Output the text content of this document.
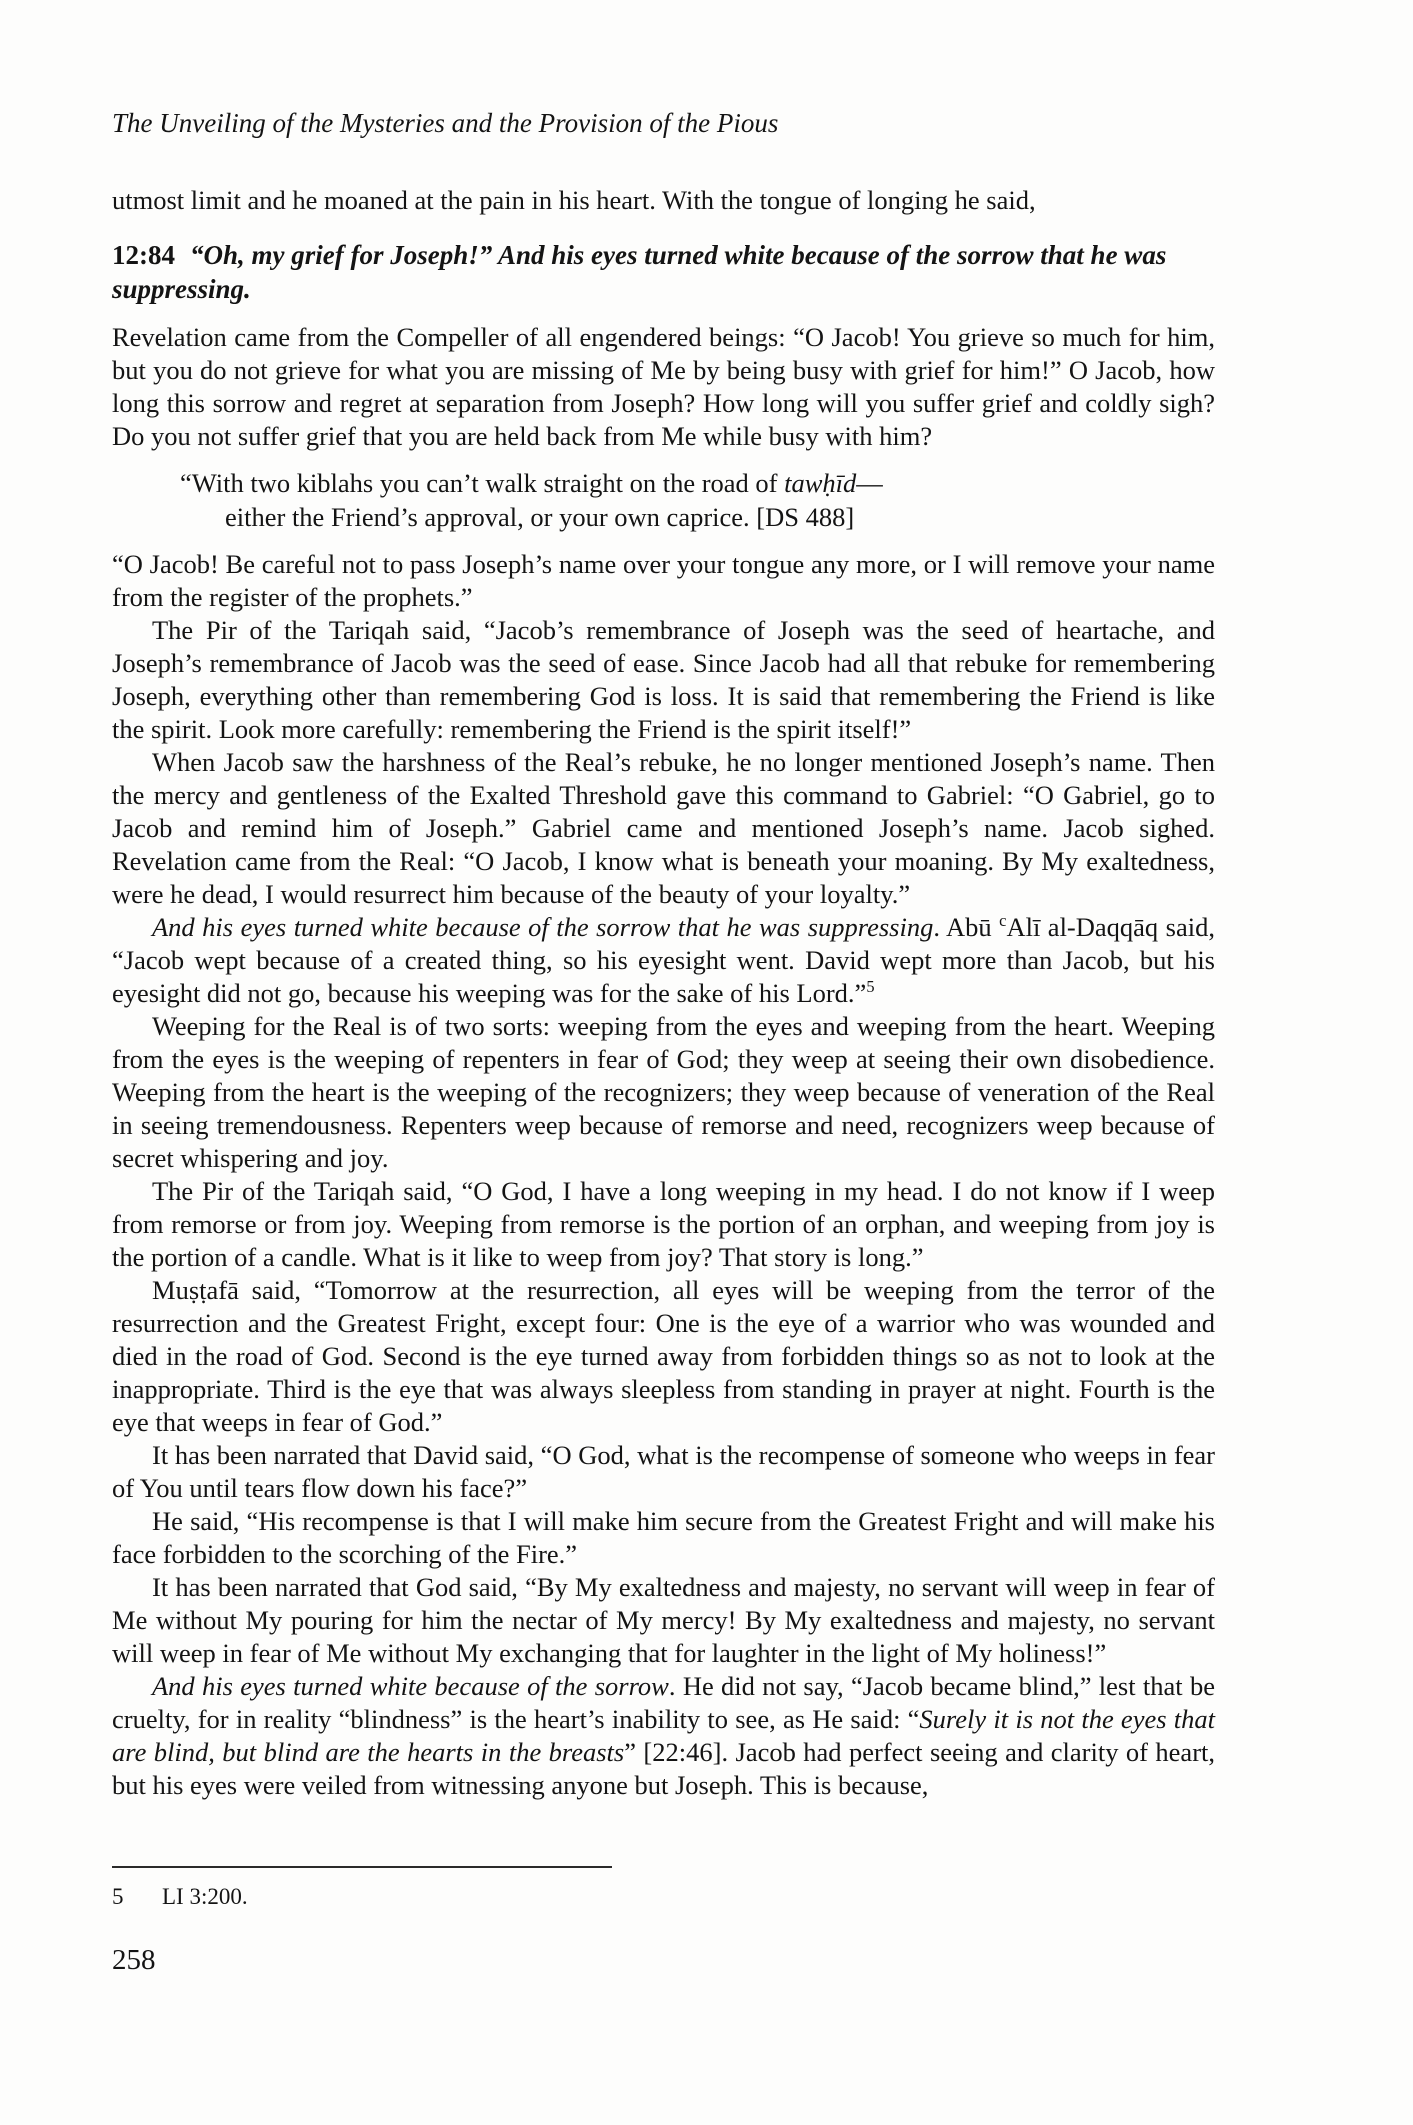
The Unveiling of the Mysteries and the Provision of the Pious

utmost limit and he moaned at the pain in his heart. With the tongue of longing he said,

12:84 “Oh, my grief for Joseph!” And his eyes turned white because of the sorrow that he was suppressing.

Revelation came from the Compeller of all engendered beings: “O Jacob! You grieve so much for him, but you do not grieve for what you are missing of Me by being busy with grief for him!” O Jacob, how long this sorrow and regret at separation from Joseph? How long will you suffer grief and coldly sigh? Do you not suffer grief that you are held back from Me while busy with him?

“With two kiblahs you can’t walk straight on the road of tawḥīd—
either the Friend’s approval, or your own caprice. [DS 488]

“O Jacob! Be careful not to pass Joseph’s name over your tongue any more, or I will remove your name from the register of the prophets.”

The Pir of the Tariqah said, “Jacob’s remembrance of Joseph was the seed of heartache, and Joseph’s remembrance of Jacob was the seed of ease. Since Jacob had all that rebuke for remembering Joseph, everything other than remembering God is loss. It is said that remembering the Friend is like the spirit. Look more carefully: remembering the Friend is the spirit itself!”

When Jacob saw the harshness of the Real’s rebuke, he no longer mentioned Joseph’s name. Then the mercy and gentleness of the Exalted Threshold gave this command to Gabriel: “O Gabriel, go to Jacob and remind him of Joseph.” Gabriel came and mentioned Joseph’s name. Jacob sighed. Revelation came from the Real: “O Jacob, I know what is beneath your moaning. By My exaltedness, were he dead, I would resurrect him because of the beauty of your loyalty.”

And his eyes turned white because of the sorrow that he was suppressing. Abū $^c$Alī al-Daqqāq said, “Jacob wept because of a created thing, so his eyesight went. David wept more than Jacob, but his eyesight did not go, because his weeping was for the sake of his Lord.”$^5$

Weeping for the Real is of two sorts: weeping from the eyes and weeping from the heart. Weeping from the eyes is the weeping of repenters in fear of God; they weep at seeing their own disobedience. Weeping from the heart is the weeping of the recognizers; they weep because of veneration of the Real in seeing tremendousness. Repenters weep because of remorse and need, recognizers weep because of secret whispering and joy.

The Pir of the Tariqah said, “O God, I have a long weeping in my head. I do not know if I weep from remorse or from joy. Weeping from remorse is the portion of an orphan, and weeping from joy is the portion of a candle. What is it like to weep from joy? That story is long.”

Muṣṭafā said, “Tomorrow at the resurrection, all eyes will be weeping from the terror of the resurrection and the Greatest Fright, except four: One is the eye of a warrior who was wounded and died in the road of God. Second is the eye turned away from forbidden things so as not to look at the inappropriate. Third is the eye that was always sleepless from standing in prayer at night. Fourth is the eye that weeps in fear of God.”

It has been narrated that David said, “O God, what is the recompense of someone who weeps in fear of You until tears flow down his face?”

He said, “His recompense is that I will make him secure from the Greatest Fright and will make his face forbidden to the scorching of the Fire.”

It has been narrated that God said, “By My exaltedness and majesty, no servant will weep in fear of Me without My pouring for him the nectar of My mercy! By My exaltedness and majesty, no servant will weep in fear of Me without My exchanging that for laughter in the light of My holiness!”

And his eyes turned white because of the sorrow. He did not say, “Jacob became blind,” lest that be cruelty, for in reality “blindness” is the heart’s inability to see, as He said: “Surely it is not the eyes that are blind, but blind are the hearts in the breasts” [22:46]. Jacob had perfect seeing and clarity of heart, but his eyes were veiled from witnessing anyone but Joseph. This is because,

5	LI 3:200.
258
